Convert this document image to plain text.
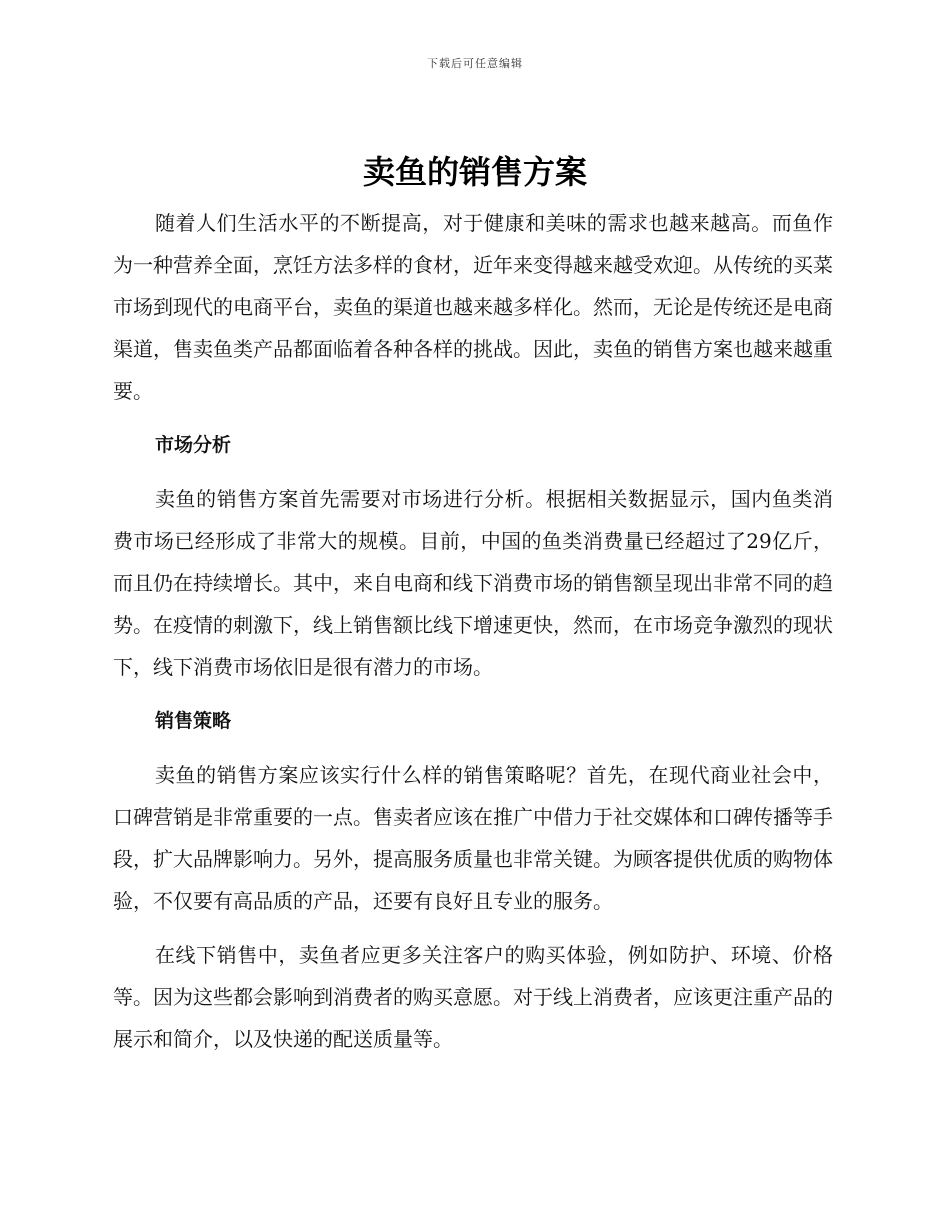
下载后可任意编辑
卖鱼的销售方案

随着人们生活水平的不断提高，对于健康和美味的需求也越来越高。而鱼作为一种营养全面，烹饪方法多样的食材，近年来变得越来越受欢迎。从传统的买菜市场到现代的电商平台，卖鱼的渠道也越来越多样化。然而，无论是传统还是电商渠道，售卖鱼类产品都面临着各种各样的挑战。因此，卖鱼的销售方案也越来越重要。

市场分析

卖鱼的销售方案首先需要对市场进行分析。根据相关数据显示，国内鱼类消费市场已经形成了非常大的规模。目前，中国的鱼类消费量已经超过了29亿斤，而且仍在持续增长。其中，来自电商和线下消费市场的销售额呈现出非常不同的趋势。在疫情的刺激下，线上销售额比线下增速更快，然而，在市场竞争激烈的现状下，线下消费市场依旧是很有潜力的市场。

销售策略

卖鱼的销售方案应该实行什么样的销售策略呢？首先，在现代商业社会中，口碑营销是非常重要的一点。售卖者应该在推广中借力于社交媒体和口碑传播等手段，扩大品牌影响力。另外，提高服务质量也非常关键。为顾客提供优质的购物体验，不仅要有高品质的产品，还要有良好且专业的服务。

在线下销售中，卖鱼者应更多关注客户的购买体验，例如防护、环境、价格等。因为这些都会影响到消费者的购买意愿。对于线上消费者，应该更注重产品的展示和简介，以及快递的配送质量等。
